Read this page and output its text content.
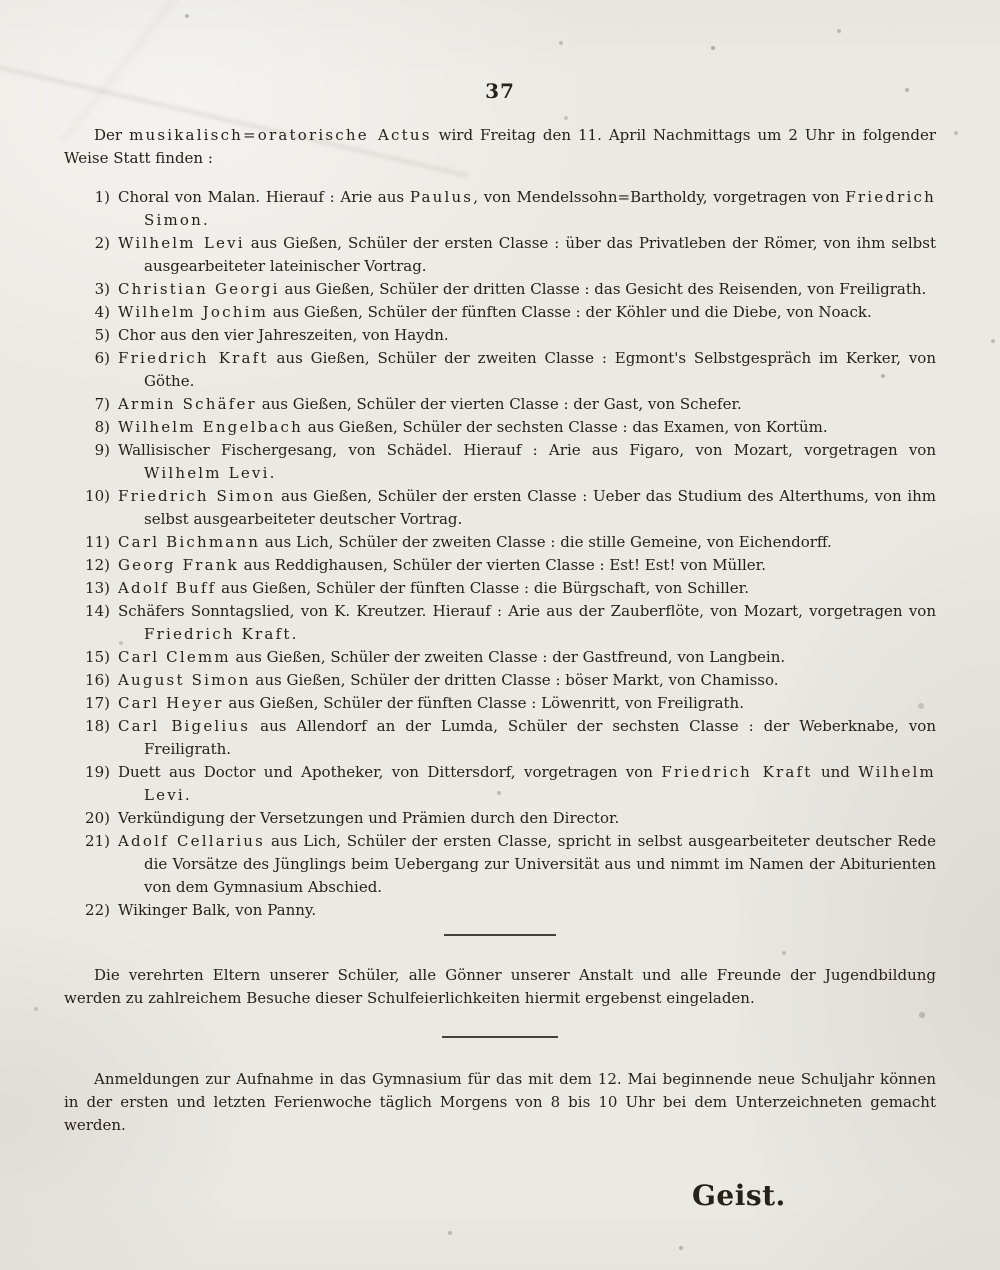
37

Der musikalisch=oratorische Actus wird Freitag den 11. April Nachmittags um 2 Uhr in folgender Weise Statt finden :

1) Choral von Malan. Hierauf : Arie aus Paulus, von Mendelssohn=Bartholdy, vorgetragen von Friedrich Simon.
2) Wilhelm Levi aus Gießen, Schüler der ersten Classe : über das Privatleben der Römer, von ihm selbst ausgearbeiteter lateinischer Vortrag.
3) Christian Georgi aus Gießen, Schüler der dritten Classe : das Gesicht des Reisenden, von Freiligrath.
4) Wilhelm Jochim aus Gießen, Schüler der fünften Classe : der Köhler und die Diebe, von Noack.
5) Chor aus den vier Jahreszeiten, von Haydn.
6) Friedrich Kraft aus Gießen, Schüler der zweiten Classe : Egmont's Selbstgespräch im Kerker, von Göthe.
7) Armin Schäfer aus Gießen, Schüler der vierten Classe : der Gast, von Schefer.
8) Wilhelm Engelbach aus Gießen, Schüler der sechsten Classe : das Examen, von Kortüm.
9) Wallisischer Fischergesang, von Schädel. Hierauf : Arie aus Figaro, von Mozart, vorgetragen von Wilhelm Levi.
10) Friedrich Simon aus Gießen, Schüler der ersten Classe : Ueber das Studium des Alterthums, von ihm selbst ausgearbeiteter deutscher Vortrag.
11) Carl Bichmann aus Lich, Schüler der zweiten Classe : die stille Gemeine, von Eichendorff.
12) Georg Frank aus Reddighausen, Schüler der vierten Classe : Est! Est! von Müller.
13) Adolf Buff aus Gießen, Schüler der fünften Classe : die Bürgschaft, von Schiller.
14) Schäfers Sonntagslied, von K. Kreutzer. Hierauf : Arie aus der Zauberflöte, von Mozart, vorgetragen von Friedrich Kraft.
15) Carl Clemm aus Gießen, Schüler der zweiten Classe : der Gastfreund, von Langbein.
16) August Simon aus Gießen, Schüler der dritten Classe : böser Markt, von Chamisso.
17) Carl Heyer aus Gießen, Schüler der fünften Classe : Löwenritt, von Freiligrath.
18) Carl Bigelius aus Allendorf an der Lumda, Schüler der sechsten Classe : der Weberknabe, von Freiligrath.
19) Duett aus Doctor und Apotheker, von Dittersdorf, vorgetragen von Friedrich Kraft und Wilhelm Levi.
20) Verkündigung der Versetzungen und Prämien durch den Director.
21) Adolf Cellarius aus Lich, Schüler der ersten Classe, spricht in selbst ausgearbeiteter deutscher Rede die Vorsätze des Jünglings beim Uebergang zur Universität aus und nimmt im Namen der Abiturienten von dem Gymnasium Abschied.
22) Wikinger Balk, von Panny.

Die verehrten Eltern unserer Schüler, alle Gönner unserer Anstalt und alle Freunde der Jugendbildung werden zu zahlreichem Besuche dieser Schulfeierlichkeiten hiermit ergebenst eingeladen.

Anmeldungen zur Aufnahme in das Gymnasium für das mit dem 12. Mai beginnende neue Schuljahr können in der ersten und letzten Ferienwoche täglich Morgens von 8 bis 10 Uhr bei dem Unterzeichneten gemacht werden.

Geist.
